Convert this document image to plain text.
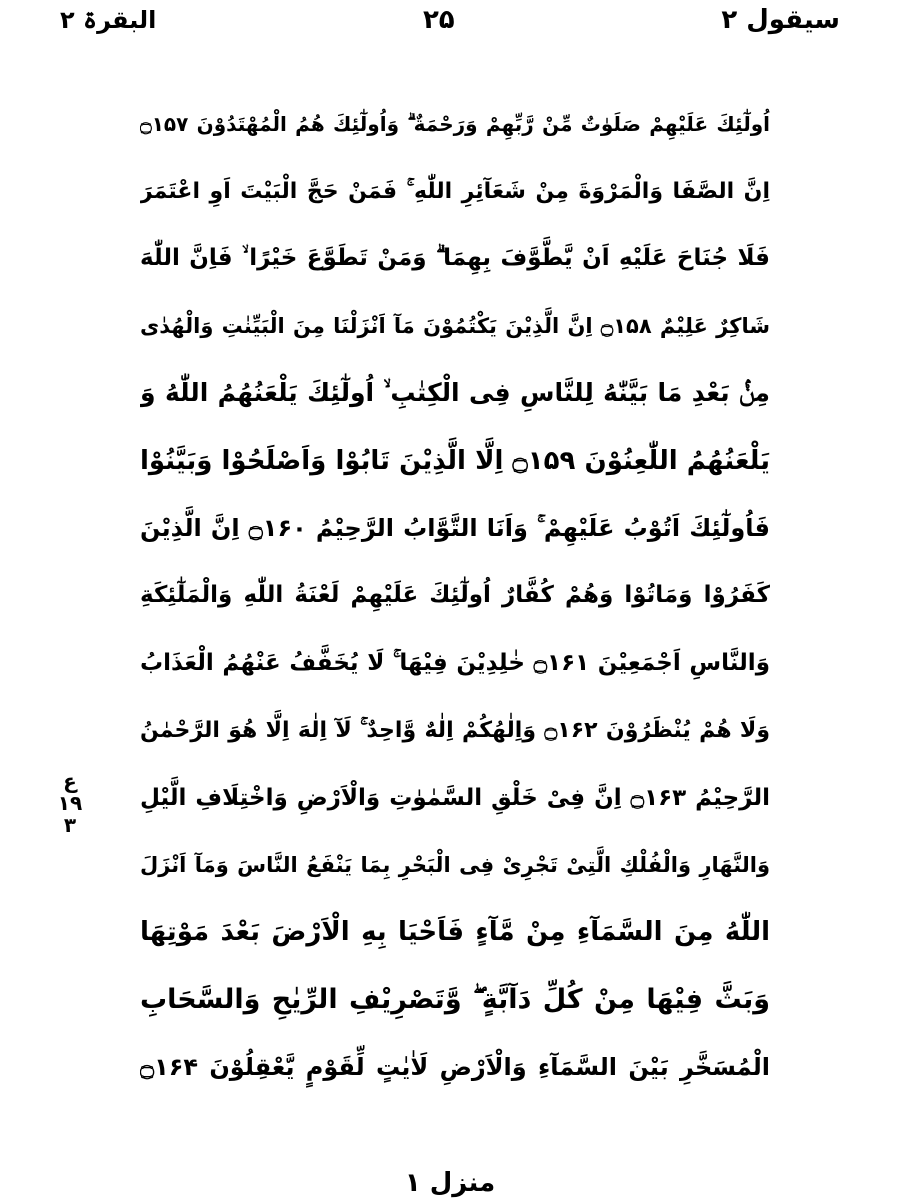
سیقول ۲
۲۵
البقرۃ ۲
اُولٰٓئِكَ عَلَيْهِمْ صَلَوٰتٌ مِّنْ رَّبِّهِمْ وَرَحْمَةٌ ۗ وَاُولٰٓئِكَ هُمُ الْمُهْتَدُوْنَ ۝۱۵۷
اِنَّ الصَّفَا وَالْمَرْوَةَ مِنْ شَعَآئِرِ اللّٰهِ ۚ فَمَنْ حَجَّ الْبَيْتَ اَوِ اعْتَمَرَ
فَلَا جُنَاحَ عَلَيْهِ اَنْ يَّطَّوَّفَ بِهِمَا ۗ وَمَنْ تَطَوَّعَ خَيْرًا ۙ فَاِنَّ اللّٰهَ
شَاكِرٌ عَلِيْمٌ ۝۱۵۸ اِنَّ الَّذِيْنَ يَكْتُمُوْنَ مَآ اَنْزَلْنَا مِنَ الْبَيِّنٰتِ وَالْهُدٰى
مِنْۢ بَعْدِ مَا بَيَّنّٰهُ لِلنَّاسِ فِى الْكِتٰبِ ۙ اُولٰٓئِكَ يَلْعَنُهُمُ اللّٰهُ وَ
يَلْعَنُهُمُ اللّٰعِنُوْنَ ۝۱۵۹ اِلَّا الَّذِيْنَ تَابُوْا وَاَصْلَحُوْا وَبَيَّنُوْا
فَاُولٰٓئِكَ اَتُوْبُ عَلَيْهِمْ ۚ وَاَنَا التَّوَّابُ الرَّحِيْمُ ۝۱۶۰ اِنَّ الَّذِيْنَ
كَفَرُوْا وَمَاتُوْا وَهُمْ كُفَّارٌ اُولٰٓئِكَ عَلَيْهِمْ لَعْنَةُ اللّٰهِ وَالْمَلٰٓئِكَةِ
وَالنَّاسِ اَجْمَعِيْنَ ۝۱۶۱ خٰلِدِيْنَ فِيْهَا ۚ لَا يُخَفَّفُ عَنْهُمُ الْعَذَابُ
وَلَا هُمْ يُنْظَرُوْنَ ۝۱۶۲ وَاِلٰهُكُمْ اِلٰهٌ وَّاحِدٌ ۚ لَآ اِلٰهَ اِلَّا هُوَ الرَّحْمٰنُ
الرَّحِيْمُ ۝۱۶۳ اِنَّ فِىْ خَلْقِ السَّمٰوٰتِ وَالْاَرْضِ وَاخْتِلَافِ الَّيْلِ
وَالنَّهَارِ وَالْفُلْكِ الَّتِىْ تَجْرِىْ فِى الْبَحْرِ بِمَا يَنْفَعُ النَّاسَ وَمَآ اَنْزَلَ
اللّٰهُ مِنَ السَّمَآءِ مِنْ مَّآءٍ فَاَحْيَا بِهِ الْاَرْضَ بَعْدَ مَوْتِهَا
وَبَثَّ فِيْهَا مِنْ كُلِّ دَآبَّةٍ ۖ وَّتَصْرِيْفِ الرِّيٰحِ وَالسَّحَابِ
الْمُسَخَّرِ بَيْنَ السَّمَآءِ وَالْاَرْضِ لَاٰيٰتٍ لِّقَوْمٍ يَّعْقِلُوْنَ ۝۱۶۴
ع ۱۹ ۳
منزل ۱
